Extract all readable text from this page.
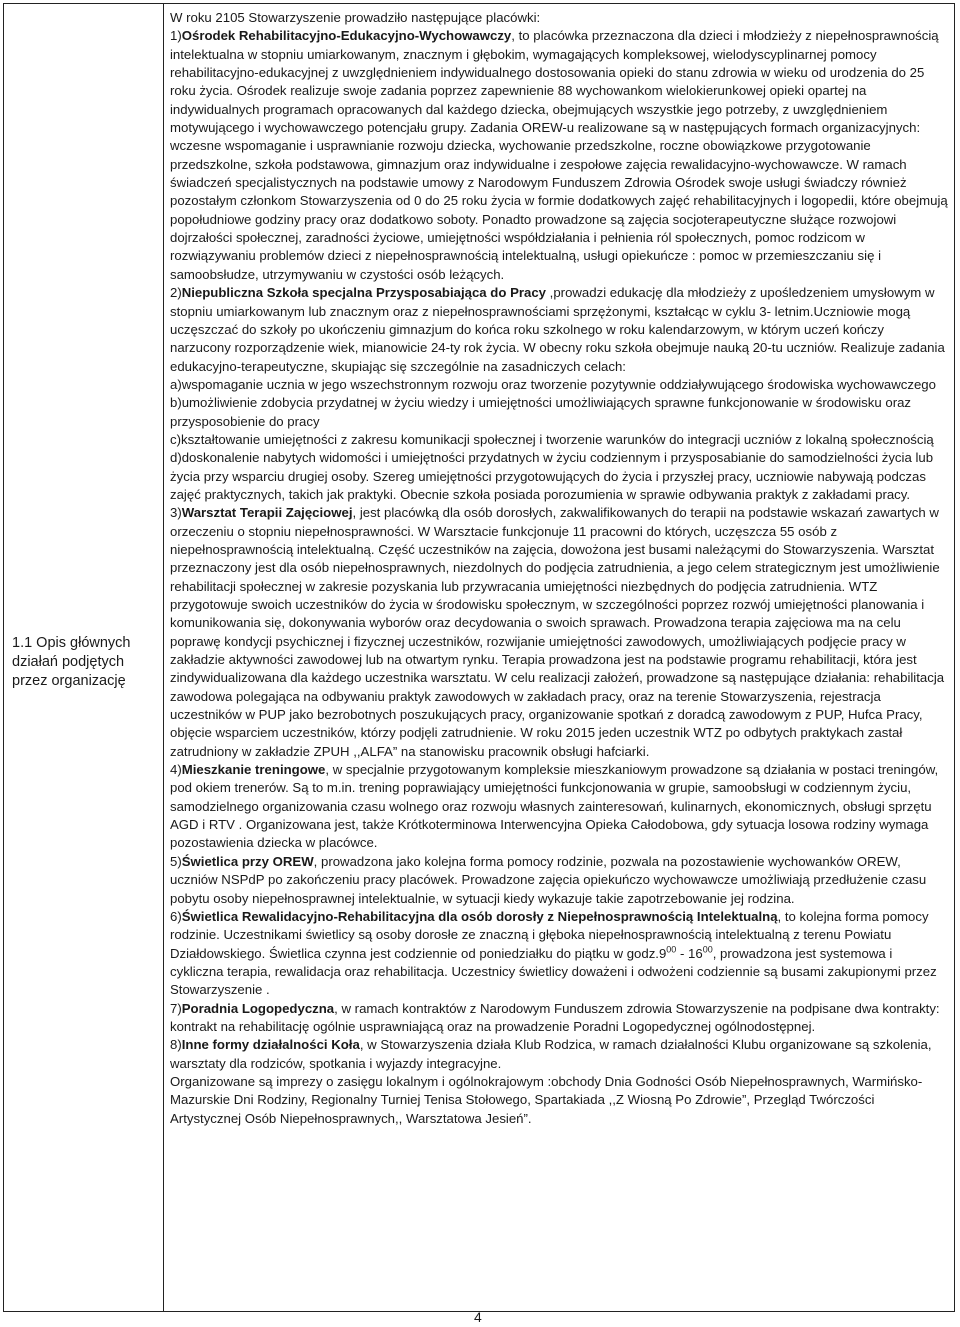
1.1 Opis głównych działań podjętych przez organizację

W roku 2105 Stowarzyszenie prowadziło następujące placówki:

1)Ośrodek Rehabilitacyjno-Edukacyjno-Wychowawczy, to placówka przeznaczona dla dzieci i młodzieży z niepełnosprawnością intelektualna w stopniu umiarkowanym, znacznym i głębokim, wymagających kompleksowej, wielodyscyplinarnej pomocy rehabilitacyjno-edukacyjnej z uwzględnieniem indywidualnego dostosowania opieki do stanu zdrowia w wieku od urodzenia do 25 roku życia. Ośrodek realizuje swoje zadania poprzez zapewnienie 88 wychowankom wielokierunkowej opieki opartej na indywidualnych programach opracowanych dal każdego dziecka, obejmujących wszystkie jego potrzeby, z uwzględnieniem motywującego i wychowawczego potencjału grupy. Zadania OREW-u realizowane są w następujących formach organizacyjnych: wczesne wspomaganie i usprawnianie rozwoju dziecka, wychowanie przedszkolne, roczne obowiązkowe przygotowanie przedszkolne, szkoła podstawowa, gimnazjum oraz indywidualne i zespołowe zajęcia rewalidacyjno-wychowawcze. W ramach świadczeń specjalistycznych na podstawie umowy z Narodowym Funduszem Zdrowia Ośrodek swoje usługi świadczy również pozostałym członkom Stowarzyszenia od 0 do 25 roku życia w formie dodatkowych zajęć rehabilitacyjnych i logopedii, które obejmują popołudniowe godziny pracy oraz dodatkowo soboty. Ponadto prowadzone są zajęcia socjoterapeutyczne służące rozwojowi dojrzałości społecznej, zaradności życiowe, umiejętności współdziałania i pełnienia ról społecznych, pomoc rodzicom w rozwiązywaniu problemów dzieci z niepełnosprawnością intelektualną, usługi opiekuńcze : pomoc w przemieszczaniu się i samoobsłudze, utrzymywaniu w czystości osób leżących.

2)Niepubliczna Szkoła specjalna Przysposabiająca do Pracy ,prowadzi edukację dla młodzieży z upośledzeniem umysłowym w stopniu umiarkowanym lub znacznym oraz z niepełnosprawnościami sprzężonymi, kształcąc w cyklu 3- letnim.Uczniowie mogą uczęszczać do szkoły po ukończeniu gimnazjum do końca roku szkolnego w roku kalendarzowym, w którym uczeń kończy narzucony rozporządzenie wiek, mianowicie 24-ty rok życia. W obecny roku szkoła obejmuje nauką 20-tu uczniów. Realizuje zadania edukacyjno-terapeutyczne, skupiając się szczególnie na zasadniczych celach:

a)wspomaganie ucznia w jego wszechstronnym rozwoju oraz tworzenie pozytywnie oddziaływującego środowiska wychowawczego

b)umożliwienie zdobycia przydatnej w życiu wiedzy i umiejętności umożliwiających sprawne funkcjonowanie w środowisku oraz przysposobienie do pracy

c)kształtowanie umiejętności z zakresu komunikacji społecznej i tworzenie warunków do integracji uczniów z lokalną społecznością

d)doskonalenie nabytych widomości i umiejętności przydatnych w życiu codziennym i przysposabianie do samodzielności życia lub życia przy wsparciu drugiej osoby. Szereg umiejętności przygotowujących do życia i przyszłej pracy, uczniowie nabywają podczas zajęć praktycznych, takich jak praktyki. Obecnie szkoła posiada porozumienia w sprawie odbywania praktyk z zakładami pracy.

3)Warsztat Terapii Zajęciowej, jest placówką dla osób dorosłych, zakwalifikowanych do terapii na podstawie wskazań zawartych w orzeczeniu o stopniu niepełnosprawności. W Warsztacie funkcjonuje 11 pracowni do których, uczęszcza 55 osób z niepełnosprawnością intelektualną. Część uczestników na zajęcia, dowożona jest busami należącymi do Stowarzyszenia. Warsztat przeznaczony jest dla osób niepełnosprawnych, niezdolnych do podjęcia zatrudnienia, a jego celem strategicznym jest umożliwienie rehabilitacji społecznej w zakresie pozyskania lub przywracania umiejętności niezbędnych do podjęcia zatrudnienia. WTZ przygotowuje swoich uczestników do życia w środowisku społecznym, w szczególności poprzez rozwój umiejętności planowania i komunikowania się, dokonywania wyborów oraz decydowania o swoich sprawach. Prowadzona terapia zajęciowa ma na celu poprawę kondycji psychicznej i fizycznej uczestników, rozwijanie umiejętności zawodowych, umożliwiających podjęcie pracy w zakładzie aktywności zawodowej lub na otwartym rynku. Terapia prowadzona jest na podstawie programu rehabilitacji, która jest zindywidualizowana dla każdego uczestnika warsztatu. W celu realizacji założeń, prowadzone są następujące działania: rehabilitacja zawodowa polegająca na odbywaniu praktyk zawodowych w zakładach pracy, oraz na terenie Stowarzyszenia, rejestracja uczestników w PUP jako bezrobotnych poszukujących pracy, organizowanie spotkań z doradcą zawodowym z PUP, Hufca Pracy, objęcie wsparciem uczestników, którzy podjęli zatrudnienie. W roku 2015 jeden uczestnik WTZ po odbytych praktykach zastał zatrudniony w zakładzie ZPUH ,,ALFA” na stanowisku pracownik obsługi hafciarki.

4)Mieszkanie treningowe, w specjalnie przygotowanym kompleksie mieszkaniowym prowadzone są działania w postaci treningów, pod okiem trenerów. Są to m.in. trening poprawiający umiejętności funkcjonowania w grupie, samoobsługi w codziennym życiu, samodzielnego organizowania czasu wolnego oraz rozwoju własnych zainteresowań, kulinarnych, ekonomicznych, obsługi sprzętu AGD i RTV . Organizowana jest, także Krótkoterminowa Interwencyjna Opieka Całodobowa, gdy sytuacja losowa rodziny wymaga pozostawienia dziecka w placówce.

5)Świetlica przy OREW, prowadzona jako kolejna forma pomocy rodzinie, pozwala na pozostawienie wychowanków OREW, uczniów NSPdP po zakończeniu pracy placówek. Prowadzone zajęcia opiekuńczo wychowawcze umożliwiają przedłużenie czasu pobytu osoby niepełnosprawnej intelektualnie, w sytuacji kiedy wykazuje takie zapotrzebowanie jej rodzina.

6)Świetlica Rewalidacyjno-Rehabilitacyjna dla osób dorosły z Niepełnosprawnością Intelektualną, to kolejna forma pomocy rodzinie. Uczestnikami świetlicy są osoby dorosłe ze znaczną i głęboka niepełnosprawnością intelektualną z terenu Powiatu Działdowskiego. Świetlica czynna jest codziennie od poniedziałku do piątku w $godz.9^{00} - 16^{00}$, prowadzona jest systemowa i cykliczna terapia, rewalidacja oraz rehabilitacja. Uczestnicy świetlicy doważeni i odwożeni codziennie są busami zakupionymi przez Stowarzyszenie .

7)Poradnia Logopedyczna, w ramach kontraktów z Narodowym Funduszem zdrowia Stowarzyszenie na podpisane dwa kontrakty: kontrakt na rehabilitację ogólnie usprawniającą oraz na prowadzenie Poradni Logopedycznej ogólnodostępnej.

8)Inne formy działalności Koła, w Stowarzyszenia działa Klub Rodzica, w ramach działalności Klubu organizowane są szkolenia, warsztaty dla rodziców, spotkania i wyjazdy integracyjne.

Organizowane są imprezy o zasięgu lokalnym i ogólnokrajowym :obchody Dnia Godności Osób Niepełnosprawnych, Warmińsko-Mazurskie Dni Rodziny, Regionalny Turniej Tenisa Stołowego, Spartakiada ,,Z Wiosną Po Zdrowie”, Przegląd Twórczości Artystycznej Osób Niepełnosprawnych,, Warsztatowa Jesień”.

4
